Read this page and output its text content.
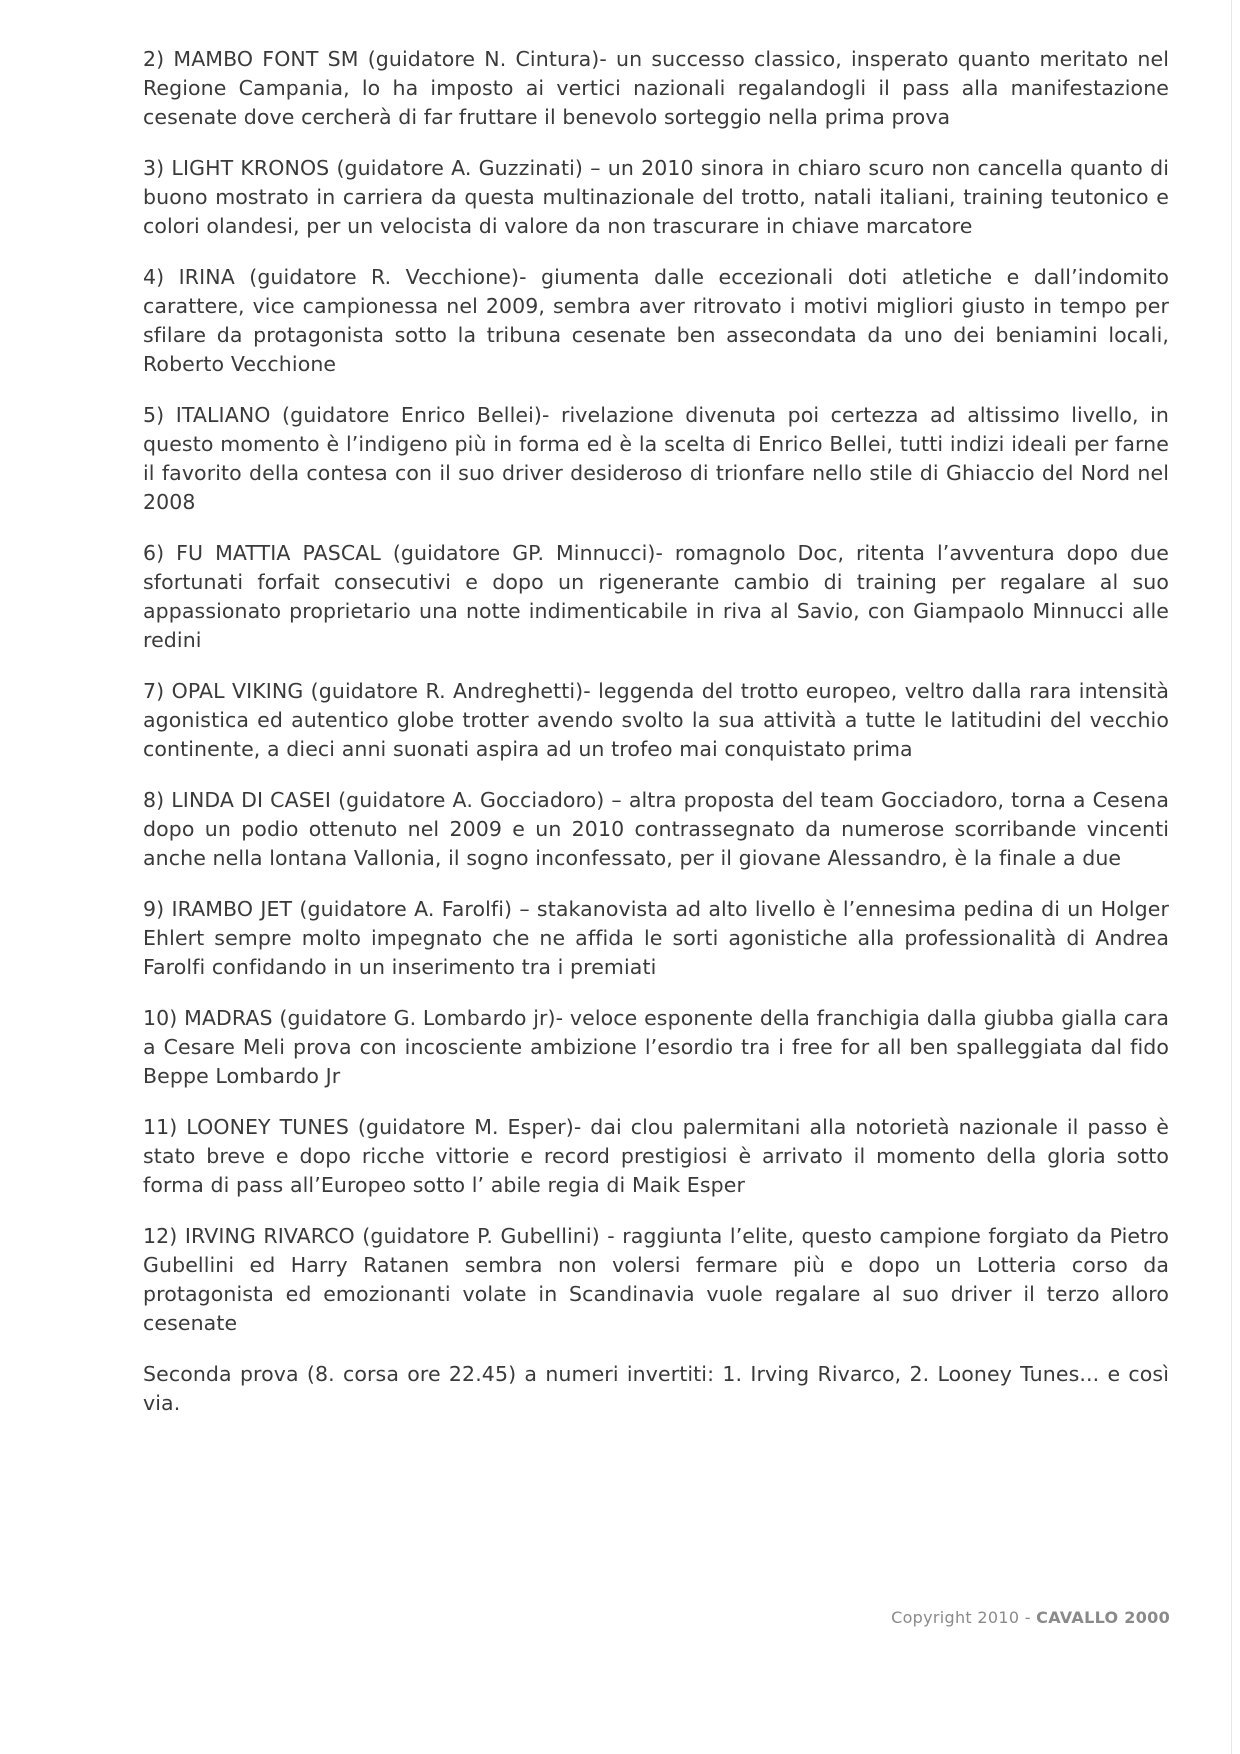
2) MAMBO FONT SM (guidatore N. Cintura)- un successo classico, insperato quanto meritato nel Regione Campania, lo ha imposto ai vertici nazionali regalandogli il pass alla manifestazione cesenate dove cercherà di far fruttare il benevolo sorteggio nella prima prova

3) LIGHT KRONOS (guidatore A. Guzzinati) – un 2010 sinora in chiaro scuro non cancella quanto di buono mostrato in carriera da questa multinazionale del trotto, natali italiani, training teutonico e colori olandesi, per un velocista di valore da non trascurare in chiave marcatore

4) IRINA (guidatore R. Vecchione)- giumenta dalle eccezionali doti atletiche e dall’indomito carattere, vice campionessa nel 2009, sembra aver ritrovato i motivi migliori giusto in tempo per sfilare da protagonista sotto la tribuna cesenate ben assecondata da uno dei beniamini locali, Roberto Vecchione

5) ITALIANO (guidatore Enrico Bellei)- rivelazione divenuta poi certezza ad altissimo livello, in questo momento è l’indigeno più in forma ed è la scelta di Enrico Bellei, tutti indizi ideali per farne il favorito della contesa con il suo driver desideroso di trionfare nello stile di Ghiaccio del Nord nel 2008

6) FU MATTIA PASCAL (guidatore GP. Minnucci)- romagnolo Doc, ritenta l’avventura dopo due sfortunati forfait consecutivi e dopo un rigenerante cambio di training per regalare al suo appassionato proprietario una notte indimenticabile in riva al Savio, con Giampaolo Minnucci alle redini

7) OPAL VIKING (guidatore R. Andreghetti)- leggenda del trotto europeo, veltro dalla rara intensità agonistica ed autentico globe trotter avendo svolto la sua attività a tutte le latitudini del vecchio continente, a dieci anni suonati aspira ad un trofeo mai conquistato prima

8) LINDA DI CASEI (guidatore A. Gocciadoro) – altra proposta del team Gocciadoro, torna a Cesena dopo un podio ottenuto nel 2009 e un 2010 contrassegnato da numerose scorribande vincenti anche nella lontana Vallonia, il sogno inconfessato, per il giovane Alessandro, è la finale a due

9) IRAMBO JET (guidatore A. Farolfi) – stakanovista ad alto livello è l’ennesima pedina di un Holger Ehlert sempre molto impegnato che ne affida le sorti agonistiche alla professionalità di Andrea Farolfi confidando in un inserimento tra i premiati

10) MADRAS (guidatore G. Lombardo jr)- veloce esponente della franchigia dalla giubba gialla cara a Cesare Meli prova con incosciente ambizione l’esordio tra i free for all ben spalleggiata dal fido Beppe Lombardo Jr

11) LOONEY TUNES (guidatore M. Esper)- dai clou palermitani alla notorietà nazionale il passo è stato breve e dopo ricche vittorie e record prestigiosi è arrivato il momento della gloria sotto forma di pass all’Europeo sotto l’ abile regia di Maik Esper

12) IRVING RIVARCO (guidatore P. Gubellini) - raggiunta l’elite, questo campione forgiato da Pietro Gubellini ed Harry Ratanen sembra non volersi fermare più e dopo un Lotteria corso da protagonista ed emozionanti volate in Scandinavia vuole regalare al suo driver il terzo alloro cesenate

Seconda prova (8. corsa ore 22.45) a numeri invertiti: 1. Irving Rivarco, 2. Looney Tunes... e così via.

Copyright 2010 - CAVALLO 2000
